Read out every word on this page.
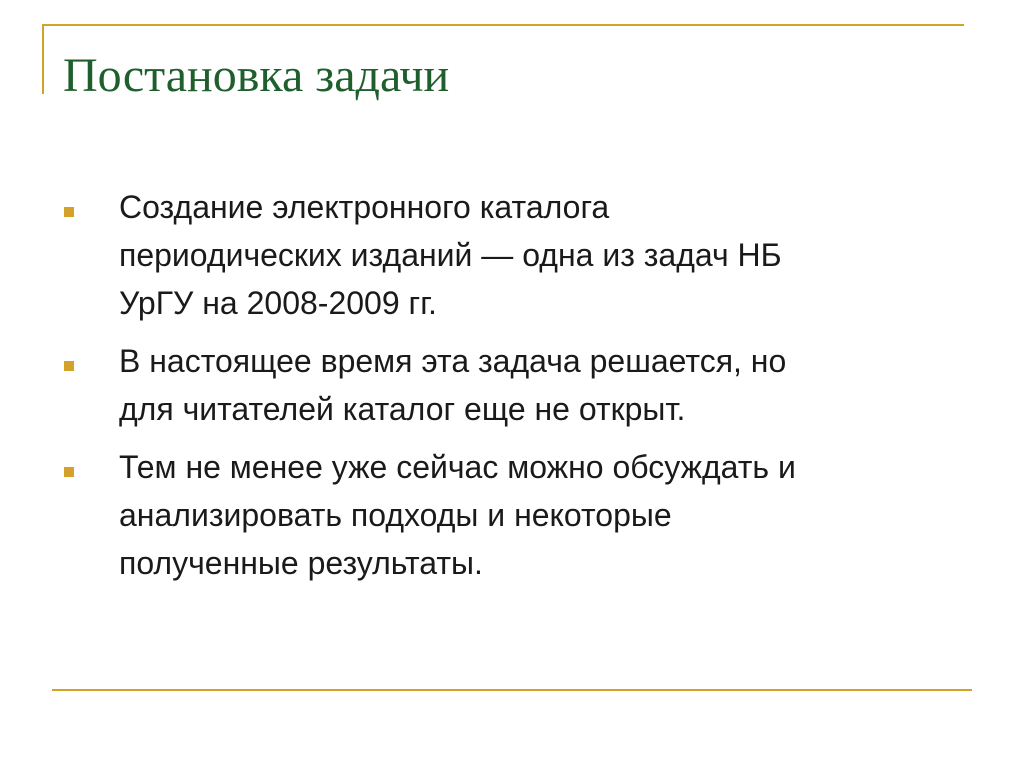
Постановка задачи
Создание электронного каталога
периодических изданий — одна из задач НБ
УрГУ на 2008-2009 гг.
В настоящее время эта задача решается, но
для читателей каталог еще не открыт.
Тем не менее уже сейчас можно обсуждать и
анализировать подходы и некоторые
полученные результаты.
